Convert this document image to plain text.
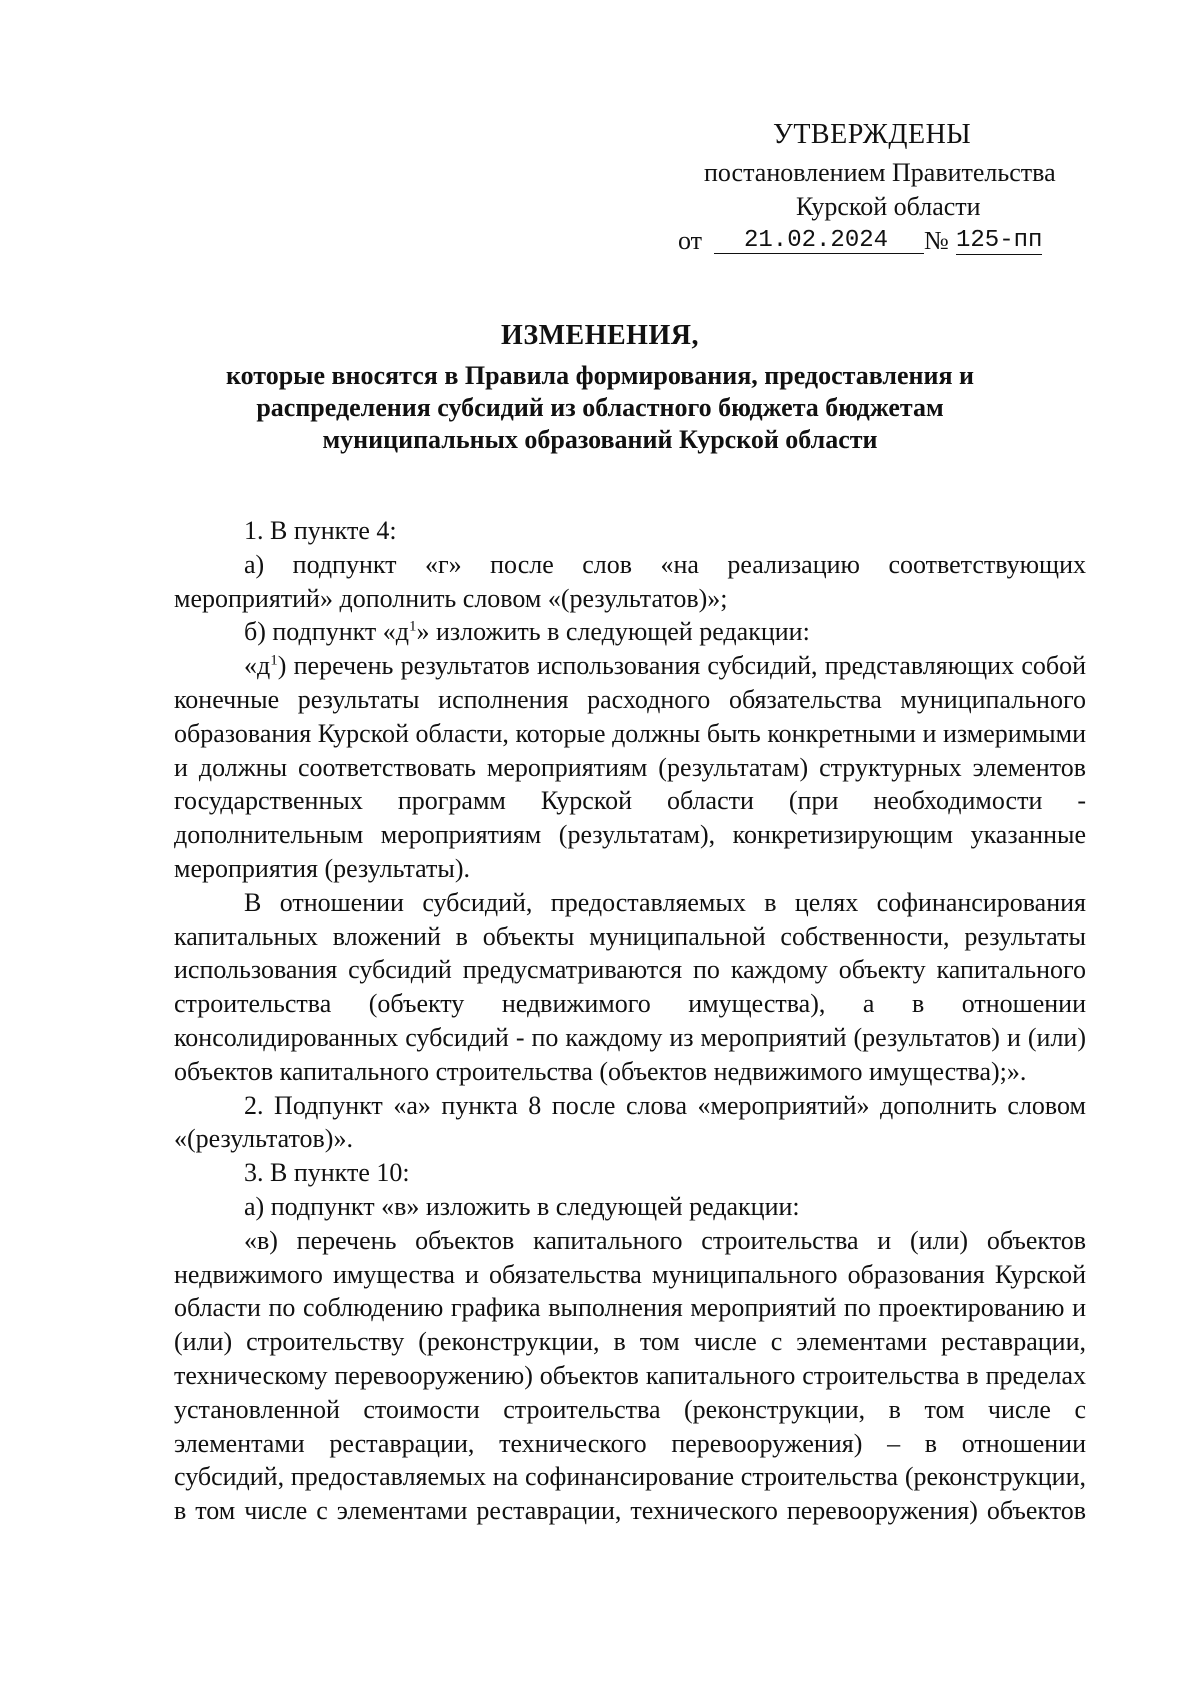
УТВЕРЖДЕНЫ
постановлением Правительства
Курской области
от	21.02.2024	№ 125-пп
ИЗМЕНЕНИЯ,
которые вносятся в Правила формирования, предоставления и
распределения субсидий из областного бюджета бюджетам
муниципальных образований Курской области

1. В пункте 4:

а) подпункт «г» после слов «на реализацию соответствующих мероприятий» дополнить словом «(результатов)»;

б) подпункт «$д^1$» изложить в следующей редакции:

«$д^1$) перечень результатов использования субсидий, представляющих собой конечные результаты исполнения расходного обязательства муниципального образования Курской области, которые должны быть конкретными и измеримыми и должны соответствовать мероприятиям (результатам) структурных элементов государственных программ Курской области (при необходимости - дополнительным мероприятиям (результатам), конкретизирующим указанные мероприятия (результаты).

В отношении субсидий, предоставляемых в целях софинансирования капитальных вложений в объекты муниципальной собственности, результаты использования субсидий предусматриваются по каждому объекту капитального строительства (объекту недвижимого имущества), а в отношении консолидированных субсидий - по каждому из мероприятий (результатов) и (или) объектов капитального строительства (объектов недвижимого имущества);».

2. Подпункт «а» пункта 8 после слова «мероприятий» дополнить словом «(результатов)».

3. В пункте 10:

а) подпункт «в» изложить в следующей редакции:

«в) перечень объектов капитального строительства и (или) объектов недвижимого имущества и обязательства муниципального образования Курской области по соблюдению графика выполнения мероприятий по проектированию и (или) строительству (реконструкции, в том числе с элементами реставрации, техническому перевооружению) объектов капитального строительства в пределах установленной стоимости строительства (реконструкции, в том числе с элементами реставрации, технического перевооружения) – в отношении субсидий, предоставляемых на софинансирование строительства (реконструкции, в том числе с элементами реставрации, технического перевооружения) объектов
